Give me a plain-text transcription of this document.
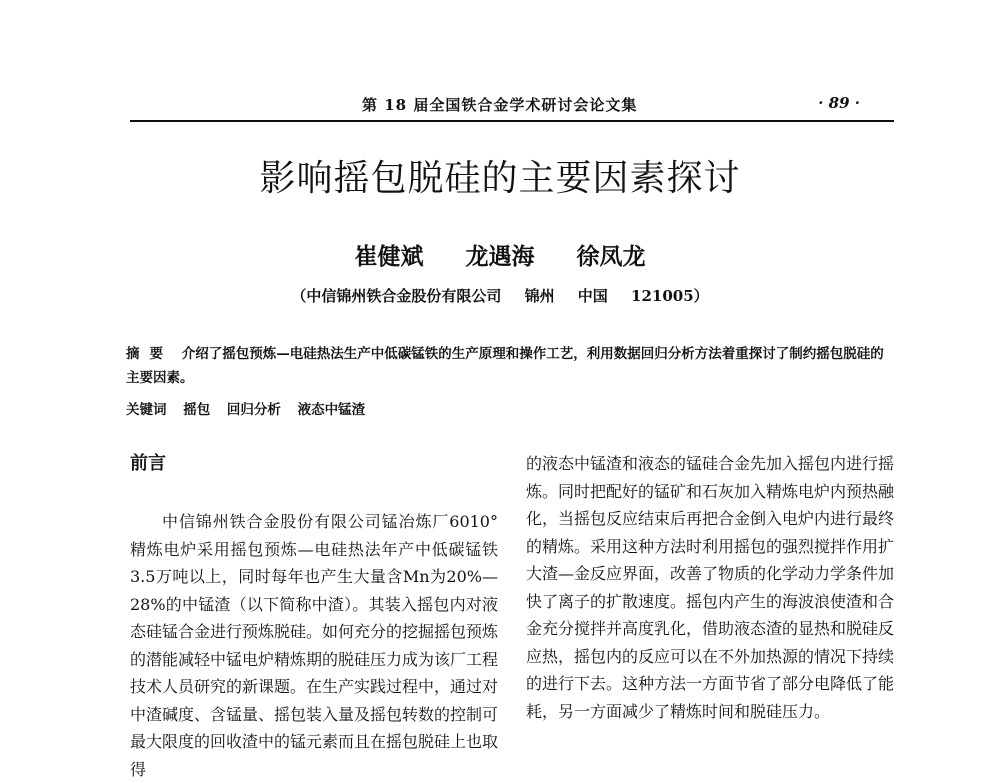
第 18 届全国铁合金学术研讨会论文集	· 89 ·
影响摇包脱硅的主要因素探讨
崔健斌 龙遇海 徐凤龙
（中信锦州铁合金股份有限公司 锦州 中国 121005）
摘要 介绍了摇包预炼—电硅热法生产中低碳锰铁的生产原理和操作工艺，利用数据回归分析方法着重探讨了制约摇包脱硅的主要因素。
关键词 摇包 回归分析 液态中锰渣
前言

中信锦州铁合金股份有限公司锰冶炼厂6010°精炼电炉采用摇包预炼—电硅热法年产中低碳锰铁3.5万吨以上，同时每年也产生大量含Mn为20%—28%的中锰渣（以下简称中渣）。其装入摇包内对液态硅锰合金进行预炼脱硅。如何充分的挖掘摇包预炼的潜能减轻中锰电炉精炼期的脱硅压力成为该厂工程技术人员研究的新课题。在生产实践过程中，通过对中渣碱度、含锰量、摇包装入量及摇包转数的控制可最大限度的回收渣中的锰元素而且在摇包脱硅上也取得

的液态中锰渣和液态的锰硅合金先加入摇包内进行摇炼。同时把配好的锰矿和石灰加入精炼电炉内预热融化，当摇包反应结束后再把合金倒入电炉内进行最终的精炼。采用这种方法时利用摇包的强烈搅拌作用扩大渣—金反应界面，改善了物质的化学动力学条件加快了离子的扩散速度。摇包内产生的海波浪使渣和合金充分搅拌并高度乳化，借助液态渣的显热和脱硅反应热，摇包内的反应可以在不外加热源的情况下持续的进行下去。这种方法一方面节省了部分电降低了能耗，另一方面减少了精炼时间和脱硅压力。
